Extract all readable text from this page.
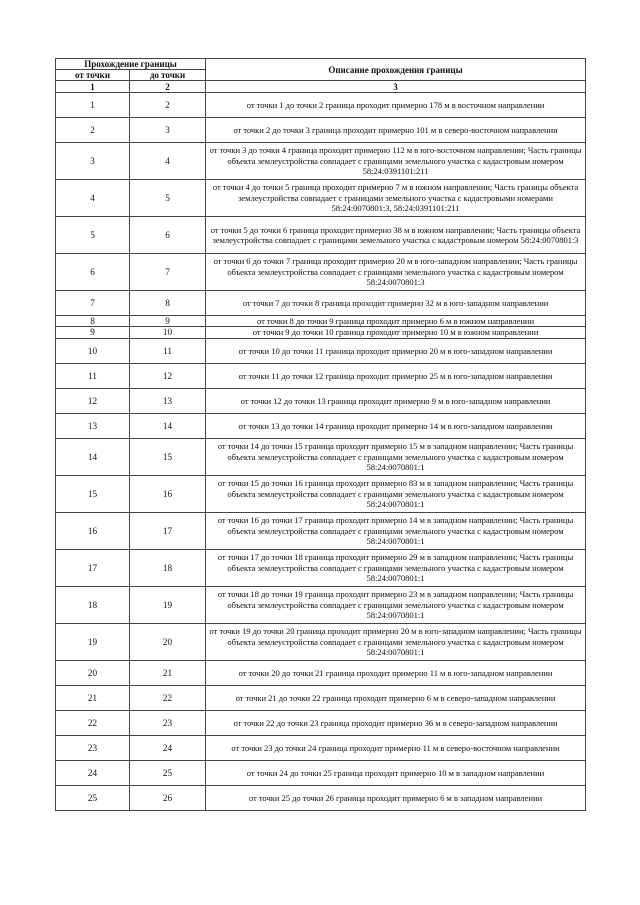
Прохождение границы		Описание прохождения границы
от точки	до точки	
1	2	3
1	2	от точки 1 до точки 2 граница проходит примерно 178 м в восточном направлении
2	3	от точки 2 до точки 3 граница проходит примерно 101 м в северо-восточном направлении
3	4	от точки 3 до точки 4 граница проходит примерно 112 м в юго-восточном направлении; Часть границы объекта землеустройства совпадает с границами земельного участка с кадастровым номером 58:24:0391101:211
4	5	от точки 4 до точки 5 граница проходит примерно 7 м в южном направлении; Часть границы объекта землеустройства совпадает с границами земельного участка с кадастровыми номерами 58:24:0070801:3, 58:24:0391101:211
5	6	от точки 5 до точки 6 граница проходит примерно 38 м в южном направлении; Часть границы объекта землеустройства совпадает с границами земельного участка с кадастровым номером 58:24:0070801:3
6	7	от точки 6 до точки 7 граница проходит примерно 20 м в юго-западном направлении; Часть границы объекта землеустройства совпадает с границами земельного участка с кадастровым номером 58:24:0070801:3
7	8	от точки 7 до точки 8 граница проходит примерно 32 м в юго-западном направлении
8	9	от точки 8 до точки 9 граница проходит примерно 6 м в южном направлении
9	10	от точки 9 до точки 10 граница проходит примерно 10 м в южном направлении
10	11	от точки 10 до точки 11 граница проходит примерно 20 м в юго-западном направлении
11	12	от точки 11 до точки 12 граница проходит примерно 25 м в юго-западном направлении
12	13	от точки 12 до точки 13 граница проходит примерно 9 м в юго-западном направлении
13	14	от точки 13 до точки 14 граница проходит примерно 14 м в юго-западном направлении
14	15	от точки 14 до точки 15 граница проходит примерно 15 м в западном направлении; Часть границы объекта землеустройства совпадает с границами земельного участка с кадастровым номером 58:24:0070801:1
15	16	от точки 15 до точки 16 граница проходит примерно 83 м в западном направлении; Часть границы объекта землеустройства совпадает с границами земельного участка с кадастровым номером 58:24:0070801:1
16	17	от точки 16 до точки 17 граница проходит примерно 14 м в западном направлении; Часть границы объекта землеустройства совпадает с границами земельного участка с кадастровым номером 58:24:0070801:1
17	18	от точки 17 до точки 18 граница проходит примерно 29 м в западном направлении; Часть границы объекта землеустройства совпадает с границами земельного участка с кадастровым номером 58:24:0070801:1
18	19	от точки 18 до точки 19 граница проходит примерно 23 м в западном направлении; Часть границы объекта землеустройства совпадает с границами земельного участка с кадастровым номером 58:24:0070801:1
19	20	от точки 19 до точки 20 граница проходит примерно 20 м в юго-западном направлении; Часть границы объекта землеустройства совпадает с границами земельного участка с кадастровым номером 58:24:0070801:1
20	21	от точки 20 до точки 21 граница проходит примерно 11 м в юго-западном направлении
21	22	от точки 21 до точки 22 граница проходит примерно 6 м в северо-западном направлении
22	23	от точки 22 до точки 23 граница проходит примерно 36 м в северо-западном направлении
23	24	от точки 23 до точки 24 граница проходит примерно 11 м в северо-восточном направлении
24	25	от точки 24 до точки 25 граница проходит примерно 10 м в западном направлении
25	26	от точки 25 до точки 26 граница проходит примерно 6 м в западном направлении
